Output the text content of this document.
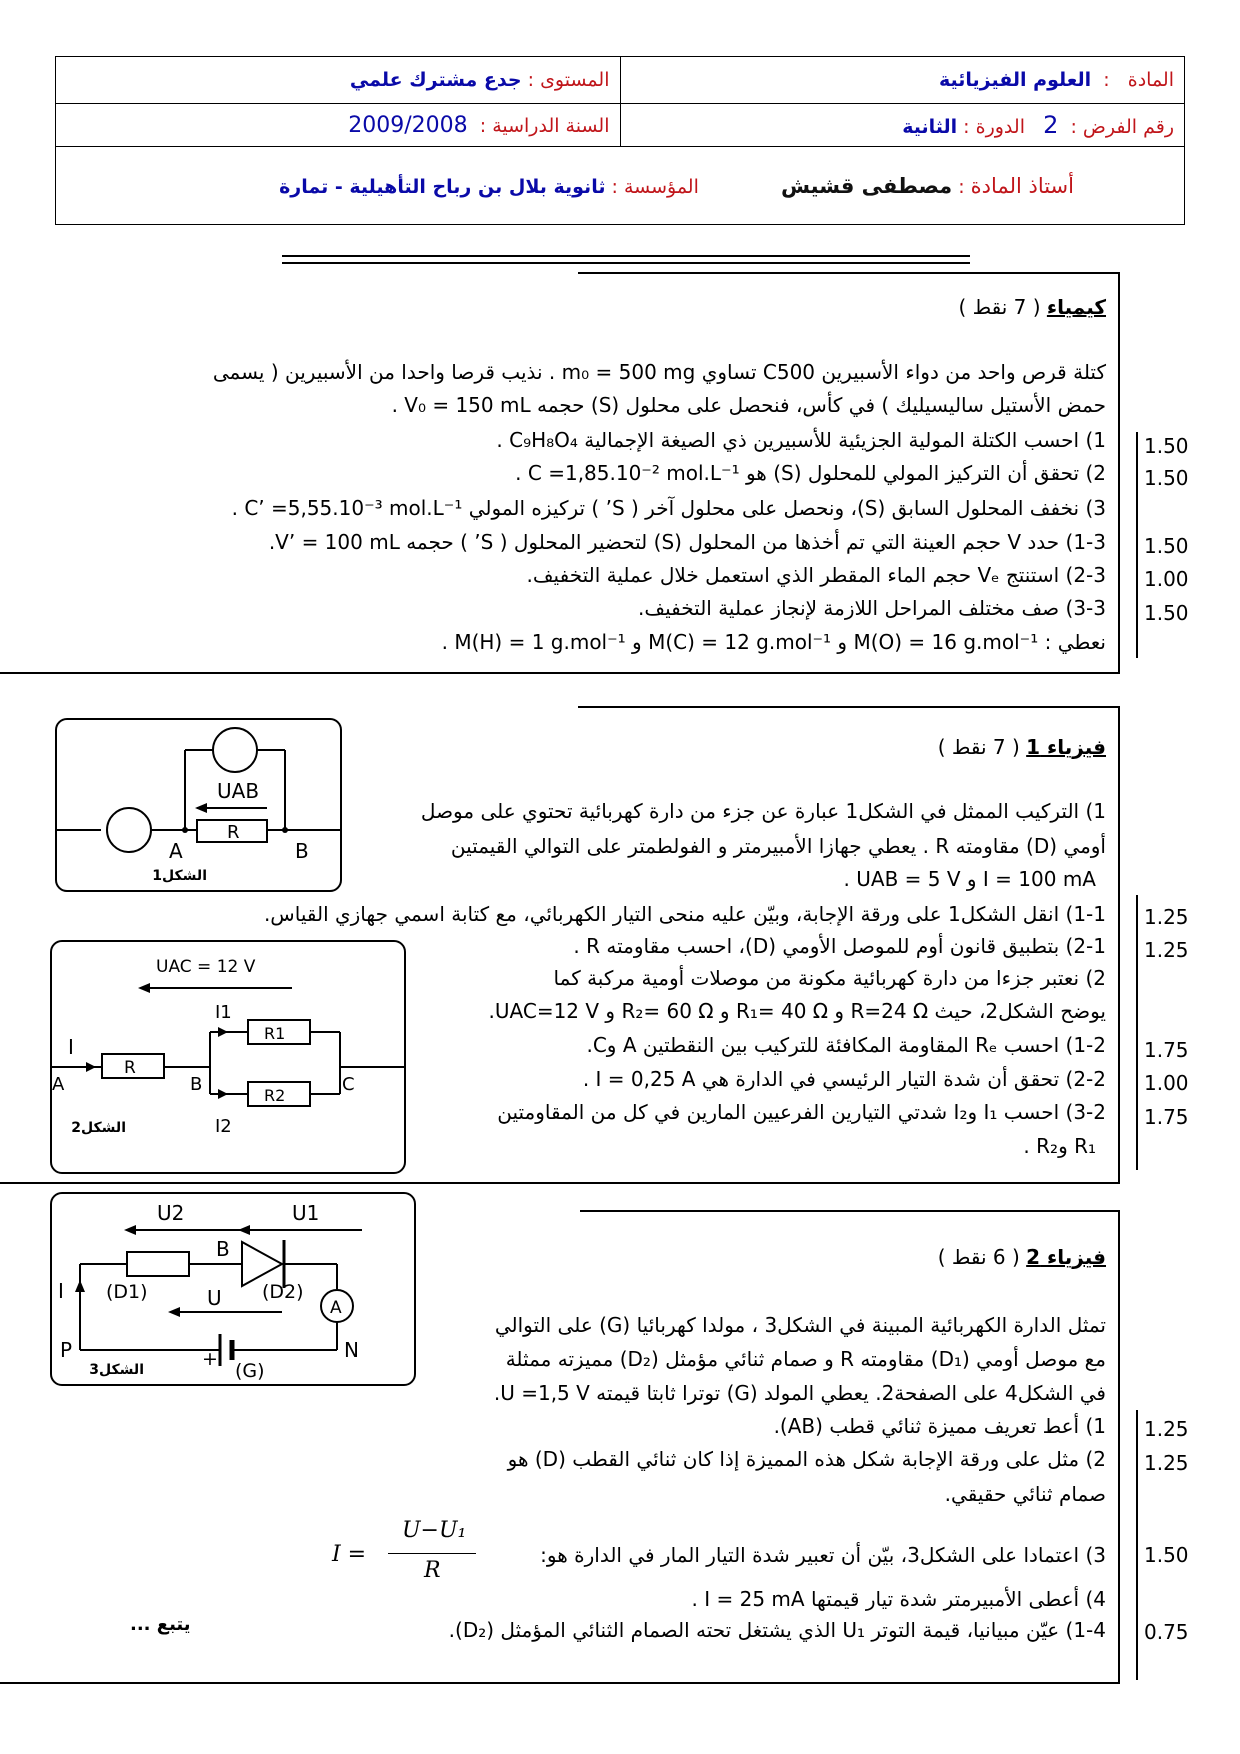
المستوى : جدع مشترك علمي	المادة   :  العلوم الفيزيائية
السنة الدراسية :  2009/2008	رقم الفرض :  2   الدورة : الثانية
أستاذ المادة : مصطفى قشيش  المؤسسة : ثانوية بلال بن رباح التأهيلية - تمارة	
كيمياء ( 7 نقط )
كتلة قرص واحد من دواء الأسبيرين C500 تساوي m₀ = 500 mg . نذيب قرصا واحدا من الأسبيرين ( يسمى
حمض الأستيل ساليسيليك ) في كأس، فنحصل على محلول (S) حجمه V₀ = 150 mL .
1) احسب الكتلة المولية الجزيئية للأسبيرين ذي الصيغة الإجمالية C₉H₈O₄ . 1.50
2) تحقق أن التركيز المولي للمحلول (S) هو C =1,85.10⁻² mol.L⁻¹ . 1.50
3) نخفف المحلول السابق (S)، ونحصل على محلول آخر ( S’ ) تركيزه المولي C’ =5,55.10⁻³ mol.L⁻¹ .
1-3) حدد V حجم العينة التي تم أخذها من المحلول (S) لتحضير المحلول ( S’ ) حجمه V’ = 100 mL. 1.50
2-3) استنتج Vₑ حجم الماء المقطر الذي استعمل خلال عملية التخفيف. 1.00
3-3) صف مختلف المراحل اللازمة لإنجاز عملية التخفيف. 1.50
نعطي : M(O) = 16 g.mol⁻¹ و M(C) = 12 g.mol⁻¹ و M(H) = 1 g.mol⁻¹ .
فيزياء 1 ( 7 نقط )
1) التركيب الممثل في الشكل1 عبارة عن جزء من دارة كهربائية تحتوي على موصل
أومي (D) مقاومته R . يعطي جهازا الأمبيرمتر و الفولطمتر على التوالي القيمتين
I = 100 mA و UAB = 5 V .
1-1) انقل الشكل1 على ورقة الإجابة، وبيّن عليه منحى التيار الكهربائي، مع كتابة اسمي جهازي القياس. 1.25
2-1) بتطبيق قانون أوم للموصل الأومي (D)، احسب مقاومته R . 1.25
2) نعتبر جزءا من دارة كهربائية مكونة من موصلات أومية مركبة كما
يوضح الشكل2، حيث R=24 Ω و R₁= 40 Ω و R₂= 60 Ω و UAC=12 V.
1-2) احسب Rₑ المقاومة المكافئة للتركيب بين النقطتين A وC. 1.75
2-2) تحقق أن شدة التيار الرئيسي في الدارة هي I = 0,25 A . 1.00
3-2) احسب I₁ وI₂ شدتي التيارين الفرعيين المارين في كل من المقاومتين 1.75
R₁ وR₂ .
UAB
R
A	B
الشكل1
UAC = 12 V
I
A
R
B	C
I1
I2
R1
R2
الشكل2
فيزياء 2 ( 6 نقط )
تمثل الدارة الكهربائية المبينة في الشكل3 ، مولدا كهربائيا (G) على التوالي
مع موصل أومي (D₁) مقاومته R و صمام ثنائي مؤمثل (D₂) مميزته ممثلة
في الشكل4 على الصفحة2. يعطي المولد (G) توترا ثابتا قيمته U =1,5 V.
1) أعط تعريف مميزة ثنائي قطب (AB). 1.25
2) مثل على ورقة الإجابة شكل هذه المميزة إذا كان ثنائي القطب (D) هو 1.25
صمام ثنائي حقيقي.
3) اعتمادا على الشكل3، بيّن أن تعبير شدة التيار المار في الدارة هو: 1.50
I =
U−U₁
R
4) أعطى الأمبيرمتر شدة تيار قيمتها I = 25 mA .
1-4) عيّن مبيانيا، قيمة التوتر U₁ الذي يشتغل تحته الصمام الثنائي المؤمثل (D₂). 0.75
يتبع ...
U2	U1
B
I (D1)	(D2)
A
U
P	N
(G)
+
الشكل3
